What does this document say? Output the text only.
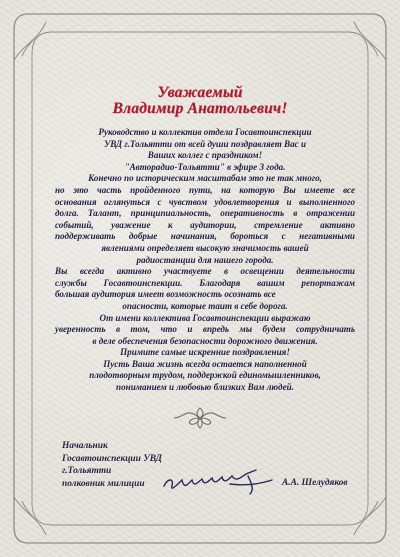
Уважаемый
Владимир Анатольевич!
Руководство и коллектив отдела Госавтоинспекции
УВД г.Тольятти от всей души поздравляет Вас и
Ваших коллег с праздником!
"Авторадио-Тольятти" в эфире 3 года.
Конечно по историческим масштабам это не так много,
но это часть пройденного пути, на которую Вы имеете все
основания оглянуться с чувством удовлетворения и выполненного
долга. Талант, принципиальность, оперативность в отражении
событий, уважение к аудитории, стремление активно
поддерживать добрые начинания, бороться с негативными
явлениями определяет высокую значимость вашей
радиостанции для нашего города.
Вы всегда активно участвуете в освещении деятельности
службы Госавтоинспекции. Благодаря вашим репортажам
большая аудитория имеет возможность осознать все
опасности, которые таит в себе дорога.
От имени коллектива Госавтоинспекции выражаю
уверенность в том, что и впредь мы будем сотрудничать
в деле обеспечения безопасности дорожного движения.
Примите самые искренние поздравления!
Пусть Ваша жизнь всегда остается наполненной
плодотворным трудом, поддержкой единомышленников,
пониманием и любовью близких Вам людей.
Начальник
Госавтоинспекции УВД
г.Тольятти
полковник милиции	А.А. Шелудяков
